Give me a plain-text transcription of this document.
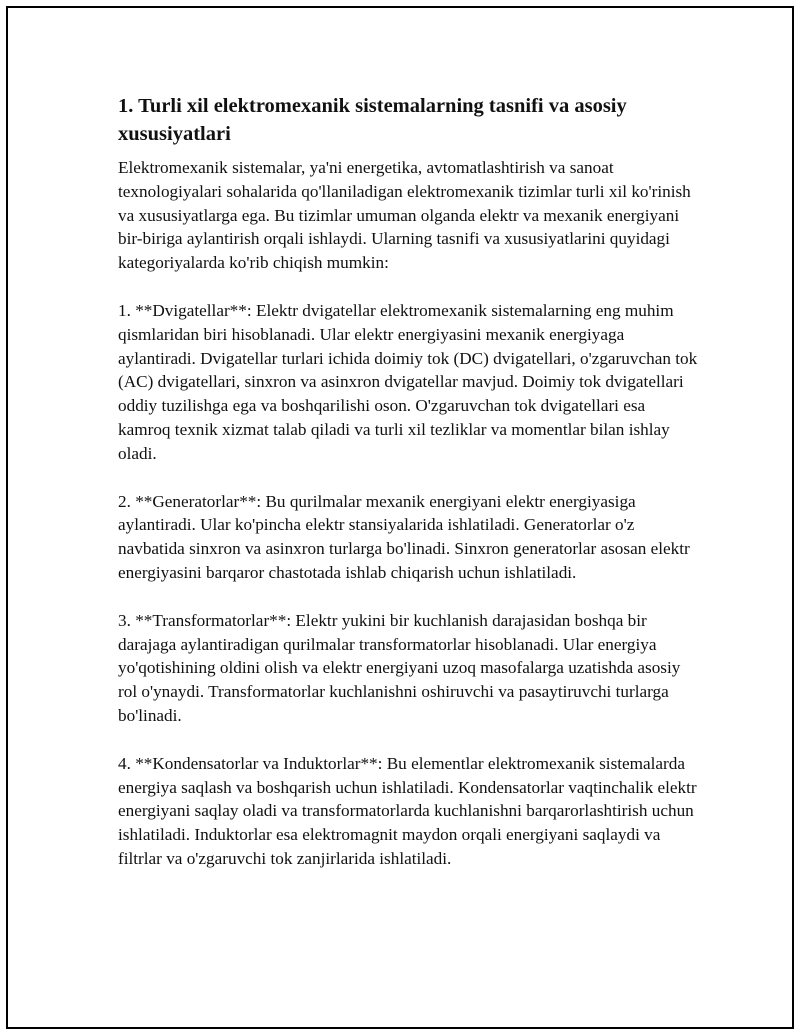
1. Turli xil elektromexanik sistemalarning tasnifi va asosiy xususiyatlari

Elektromexanik sistemalar, ya'ni energetika, avtomatlashtirish va sanoat texnologiyalari sohalarida qo'llaniladigan elektromexanik tizimlar turli xil ko'rinish va xususiyatlarga ega. Bu tizimlar umuman olganda elektr va mexanik energiyani bir-biriga aylantirish orqali ishlaydi. Ularning tasnifi va xususiyatlarini quyidagi kategoriyalarda ko'rib chiqish mumkin:

1. **Dvigatellar**: Elektr dvigatellar elektromexanik sistemalarning eng muhim qismlaridan biri hisoblanadi. Ular elektr energiyasini mexanik energiyaga aylantiradi. Dvigatellar turlari ichida doimiy tok (DC) dvigatellari, o'zgaruvchan tok (AC) dvigatellari, sinxron va asinxron dvigatellar mavjud. Doimiy tok dvigatellari oddiy tuzilishga ega va boshqarilishi oson. O'zgaruvchan tok dvigatellari esa kamroq texnik xizmat talab qiladi va turli xil tezliklar va momentlar bilan ishlay oladi.

2. **Generatorlar**: Bu qurilmalar mexanik energiyani elektr energiyasiga aylantiradi. Ular ko'pincha elektr stansiyalarida ishlatiladi. Generatorlar o'z navbatida sinxron va asinxron turlarga bo'linadi. Sinxron generatorlar asosan elektr energiyasini barqaror chastotada ishlab chiqarish uchun ishlatiladi.

3. **Transformatorlar**: Elektr yukini bir kuchlanish darajasidan boshqa bir darajaga aylantiradigan qurilmalar transformatorlar hisoblanadi. Ular energiya yo'qotishining oldini olish va elektr energiyani uzoq masofalarga uzatishda asosiy rol o'ynaydi. Transformatorlar kuchlanishni oshiruvchi va pasaytiruvchi turlarga bo'linadi.

4. **Kondensatorlar va Induktorlar**: Bu elementlar elektromexanik sistemalarda energiya saqlash va boshqarish uchun ishlatiladi. Kondensatorlar vaqtinchalik elektr energiyani saqlay oladi va transformatorlarda kuchlanishni barqarorlashtirish uchun ishlatiladi. Induktorlar esa elektromagnit maydon orqali energiyani saqlaydi va filtrlar va o'zgaruvchi tok zanjirlarida ishlatiladi.
